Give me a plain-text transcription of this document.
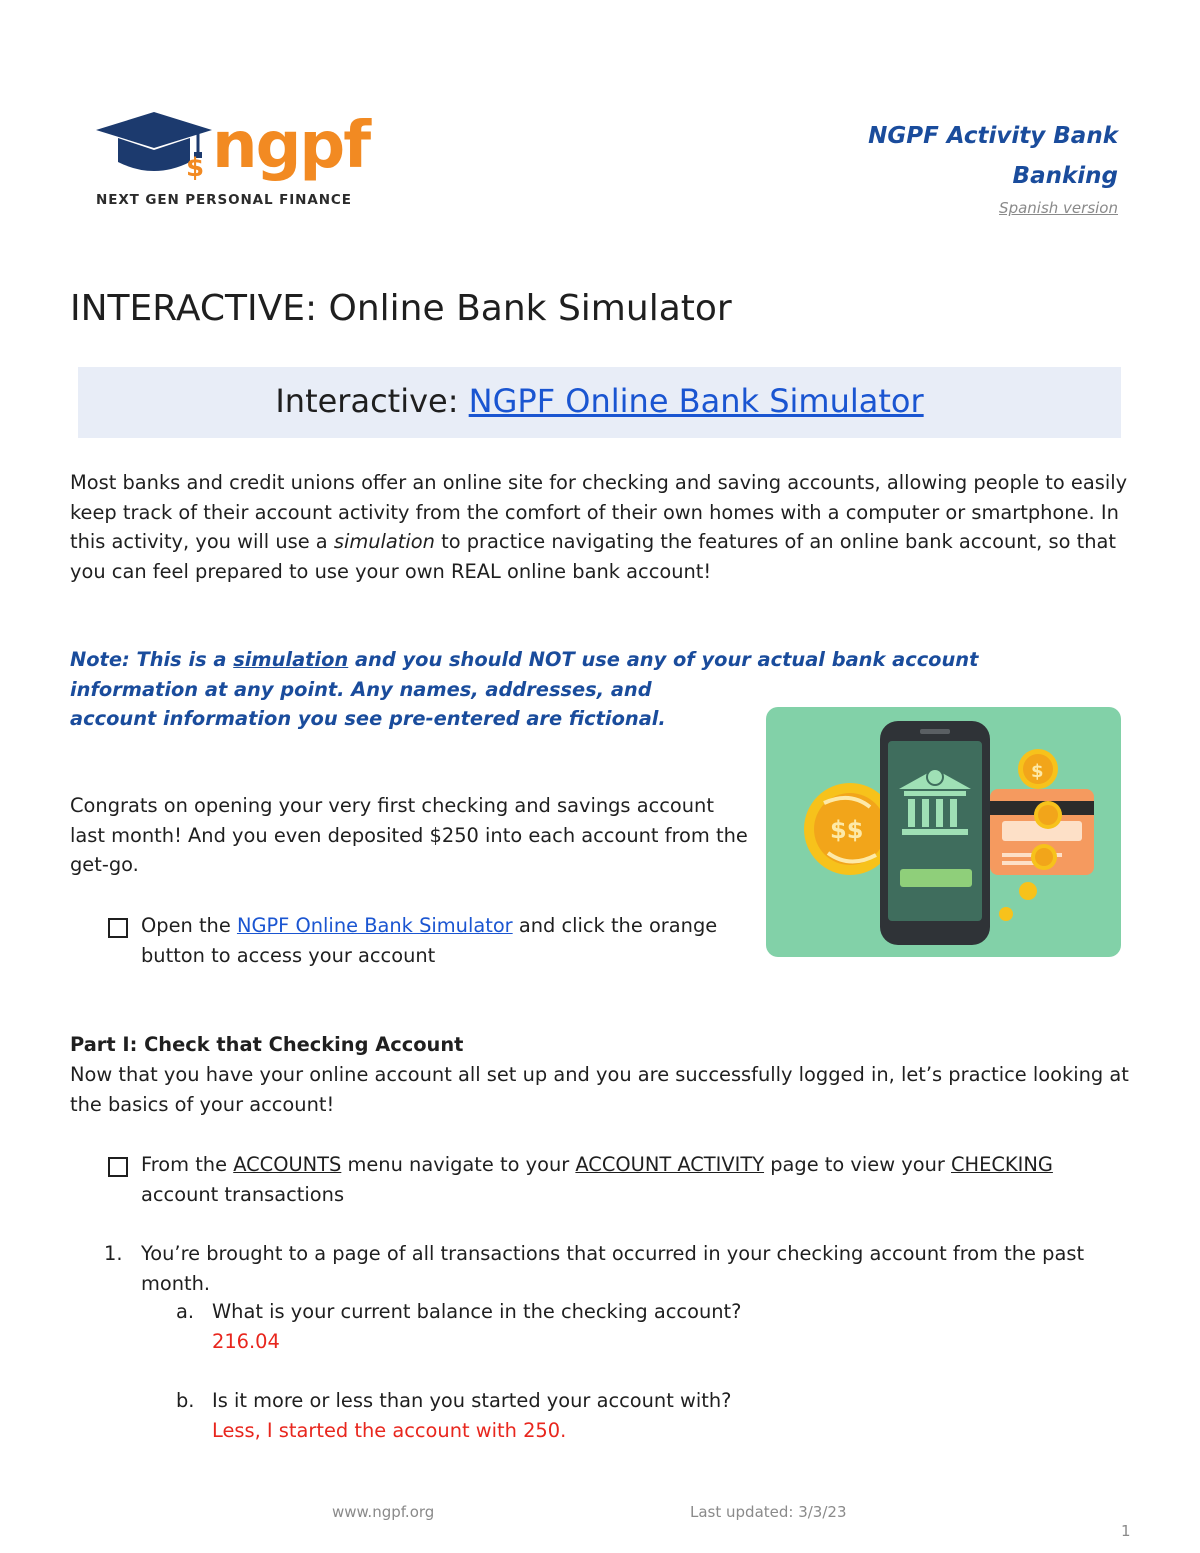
$ ngpf
NEXT GEN PERSONAL FINANCE
NGPF Activity Bank
Banking
Spanish version
INTERACTIVE: Online Bank Simulator
Interactive: NGPF Online Bank Simulator

Most banks and credit unions offer an online site for checking and saving accounts, allowing people to easily keep track of their account activity from the comfort of their own homes with a computer or smartphone. In this activity, you will use a simulation to practice navigating the features of an online bank account, so that you can feel prepared to use your own REAL online bank account!

Note: This is a simulation and you should NOT use any of your actual bank account
information at any point. Any names, addresses, and
account information you see pre-entered are fictional.
$$
$

Congrats on opening your very first checking and savings account last month! And you even deposited $250 into each account from the get-go.

Open the NGPF Online Bank Simulator and click the orange button to access your account
Part I: Check that Checking Account

Now that you have your online account all set up and you are successfully logged in, let’s practice looking at the basics of your account!

From the ACCOUNTS menu navigate to your ACCOUNT ACTIVITY page to view your CHECKING account transactions
1. You’re brought to a page of all transactions that occurred in your checking account from the past month.
a. What is your current balance in the checking account?
216.04
b. Is it more or less than you started your account with?
Less, I started the account with 250.
www.ngpf.org	Last updated: 3/3/23
1
